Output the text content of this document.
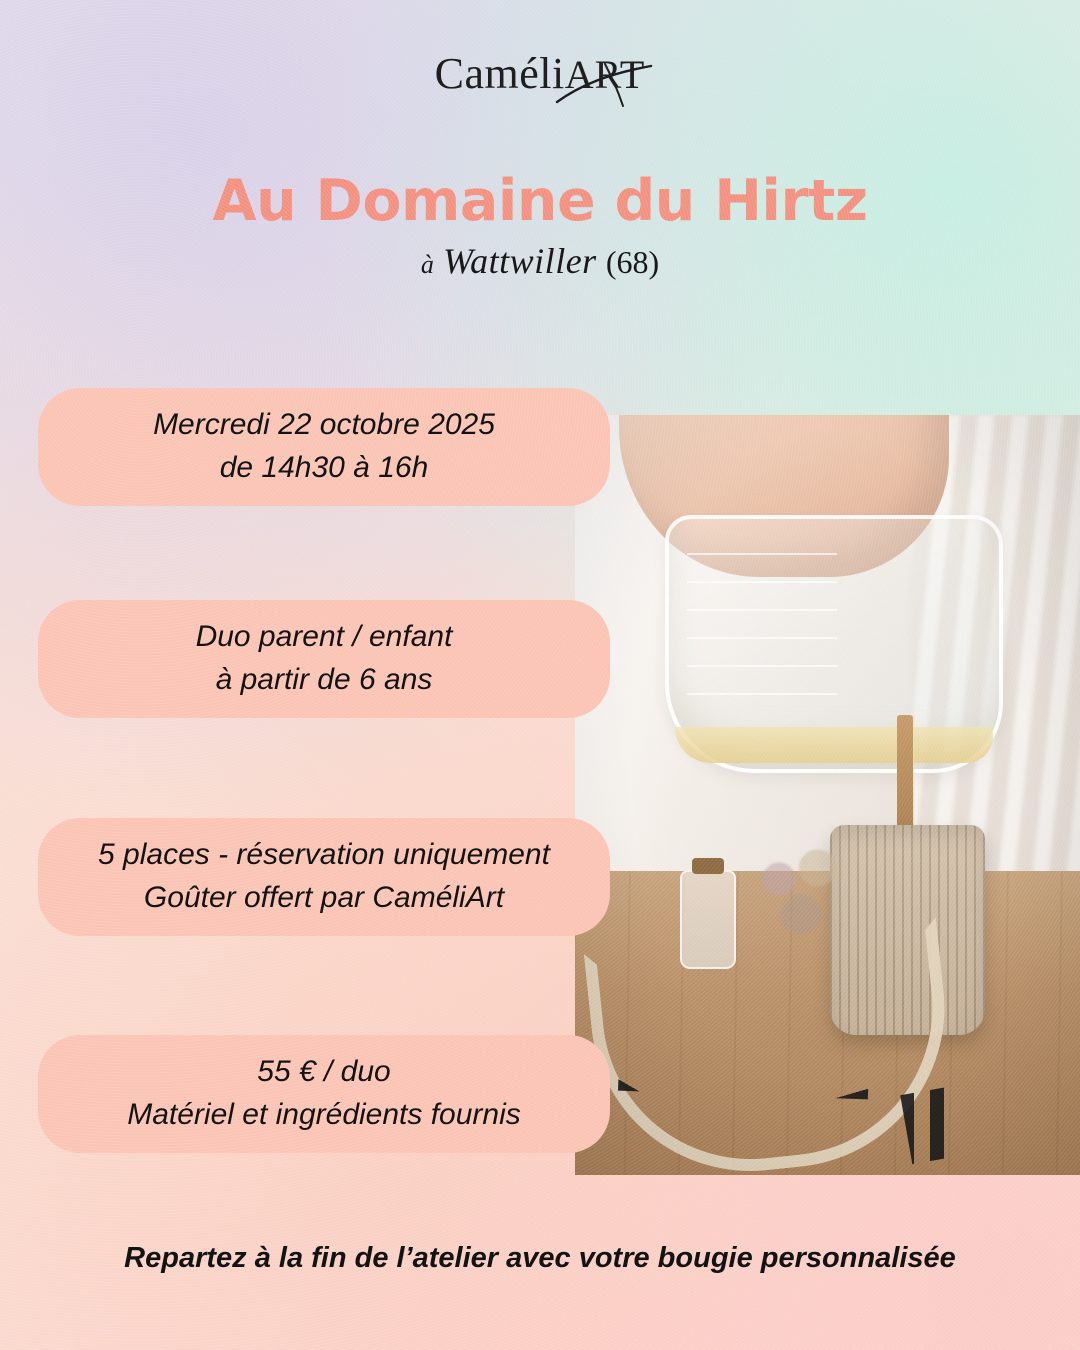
CaméliART
Au Domaine du Hirtz
à Wattwiller (68)
Mercredi 22 octobre 2025
de 14h30 à 16h
Duo parent / enfant
à partir de 6 ans
5 places - réservation uniquement
Goûter offert par CaméliArt
55 € / duo
Matériel et ingrédients fournis
Repartez à la fin de l’atelier avec votre bougie personnalisée
